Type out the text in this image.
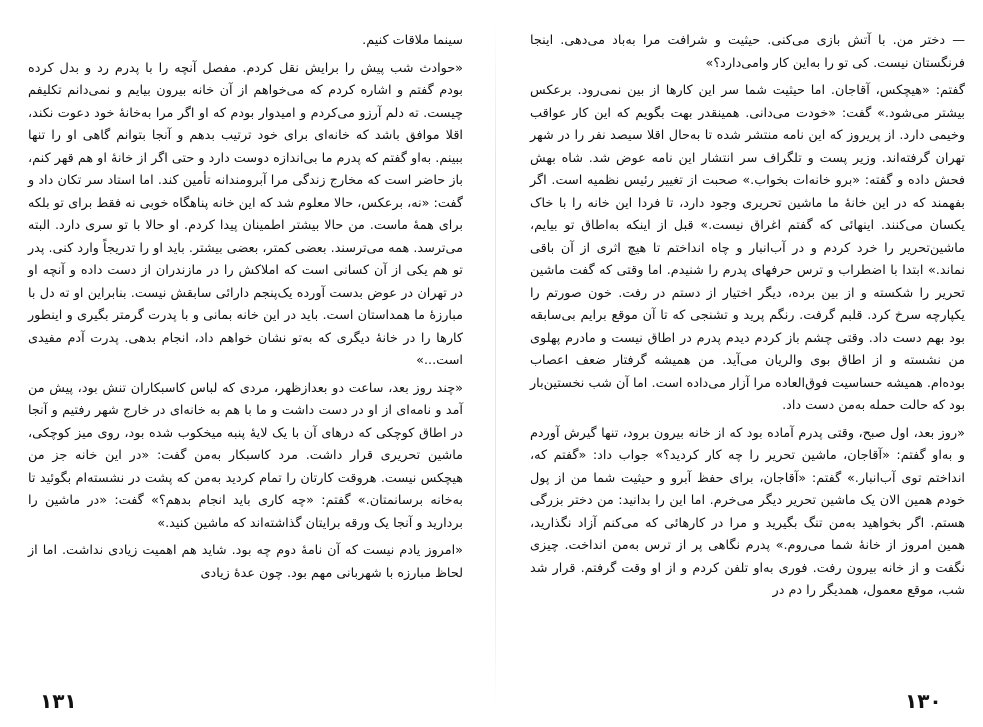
سینما ملاقات کنیم.

«حوادث شب پیش را برایش نقل کردم. مفصل آنچه را با پدرم رد و بدل کرده بودم گفتم و اشاره کردم که می‌خواهم از آن خانه بیرون بیایم و نمی‌دانم تکلیفم چیست. ته دلم آرزو می‌کردم و امیدوار بودم که او اگر مرا به‌خانهٔ خود دعوت نکند، اقلا موافق باشد که خانه‌ای برای خود ترتیب بدهم و آنجا بتوانم گاهی او را تنها ببینم. به‌او گفتم که پدرم ما بی‌اندازه دوست دارد و حتی اگر از خانهٔ او هم قهر کنم، باز حاضر است که مخارج زندگی مرا آبرومندانه تأمین کند. اما استاد سر تکان داد و گفت: «نه، برعکس، حالا معلوم شد که این خانه پناهگاه خوبی نه فقط برای تو بلکه برای همهٔ ماست. من حالا بیشتر اطمینان پیدا کردم. او حالا با تو سری دارد. البته می‌ترسد. همه می‌ترسند. بعضی کمتر، بعضی بیشتر. باید او را تدریجاً وارد کنی. پدر تو هم یکی از آن کسانی است که املاکش را در مازندران از دست داده و آنچه او در تهران در عوض بدست آورده یک‌پنجم دارائی سابقش نیست. بنابراین او ته دل با مبارزهٔ ما همداستان است. باید در این خانه بمانی و با پدرت گرمتر بگیری و اینطور کارها را در خانهٔ دیگری که به‌تو نشان خواهم داد، انجام بدهی. پدرت آدم مفیدی است...»

«چند روز بعد، ساعت دو بعدازظهر، مردی که لباس کاسبکاران تنش بود، پیش من آمد و نامه‌ای از او در دست داشت و ما با هم به خانه‌ای در خارج شهر رفتیم و آنجا در اطاق کوچکی که درهای آن با یک لایهٔ پنبه میخکوب شده بود، روی میز کوچکی، ماشین تحریری قرار داشت. مرد کاسبکار به‌من گفت: «در این خانه جز من هیچکس نیست. هروقت کارتان را تمام کردید به‌من که پشت در نشسته‌ام بگوئید تا به‌خانه برسانمتان.» گفتم: «چه کاری باید انجام بدهم؟» گفت: «در ماشین را بردارید و آنجا یک ورقه برایتان گذاشته‌اند که ماشین کنید.»

«امروز یادم نیست که آن نامهٔ دوم چه بود. شاید هم اهمیت زیادی نداشت. اما از لحاظ مبارزه با شهربانی مهم بود. چون عدهٔ زیادی

— دختر من. با آتش بازی می‌کنی. حیثیت و شرافت مرا به‌باد می‌دهی. اینجا فرنگستان نیست. کی تو را به‌این کار وامی‌دارد؟»

گفتم: «هیچکس، آقاجان. اما حیثیت شما سر این کارها از بین نمی‌رود. برعکس بیشتر می‌شود.» گفت: «خودت می‌دانی. همینقدر بهت بگویم که این کار عواقب وخیمی دارد. از پریروز که این نامه منتشر شده تا به‌حال اقلا سیصد نفر را در شهر تهران گرفته‌اند. وزیر پست و تلگراف سر انتشار این نامه عوض شد. شاه بهش فحش داده و گفته: «برو خانه‌ات بخواب.» صحبت از تغییر رئیس نظمیه است. اگر بفهمند که در این خانهٔ ما ماشین تحریری وجود دارد، تا فردا این خانه را با خاک یکسان می‌کنند. اینهائی که گفتم اغراق نیست.» قبل از اینکه به‌اطاق تو بیایم، ماشین‌تحریر را خرد کردم و در آب‌انبار و چاه انداختم تا هیچ اثری از آن باقی نماند.» ابتدا با اضطراب و ترس حرفهای پدرم را شنیدم. اما وقتی که گفت ماشین تحریر را شکسته و از بین برده، دیگر اختیار از دستم در رفت. خون صورتم را یکپارچه سرخ کرد. قلبم گرفت. رنگم پرید و تشنجی که تا آن موقع برایم بی‌سابقه بود بهم دست داد. وقتی چشم باز کردم دیدم پدرم در اطاق نیست و مادرم پهلوی من نشسته و از اطاق بوی والریان می‌آید. من همیشه گرفتار ضعف اعصاب بوده‌ام. همیشه حساسیت فوق‌العاده مرا آزار می‌داده است. اما آن شب نخستین‌بار بود که حالت حمله به‌من دست داد.

«روز بعد، اول صبح، وقتی پدرم آماده بود که از خانه بیرون برود، تنها گیرش آوردم و به‌او گفتم: «آقاجان، ماشین تحریر را چه کار کردید؟» جواب داد: «گفتم که، انداختم توی آب‌انبار.» گفتم: «آقاجان، برای حفظ آبرو و حیثیت شما من از پول خودم همین الان یک ماشین تحریر دیگر می‌خرم. اما این را بدانید: من دختر بزرگی هستم. اگر بخواهید به‌من تنگ بگیرید و مرا در کارهائی که می‌کنم آزاد نگذارید، همین امروز از خانهٔ شما می‌روم.» پدرم نگاهی پر از ترس به‌من انداخت. چیزی نگفت و از خانه بیرون رفت. فوری به‌او تلفن کردم و از او وقت گرفتم. قرار شد شب، موقع معمول، همدیگر را دم در

۱۳۱	۱۳۰
